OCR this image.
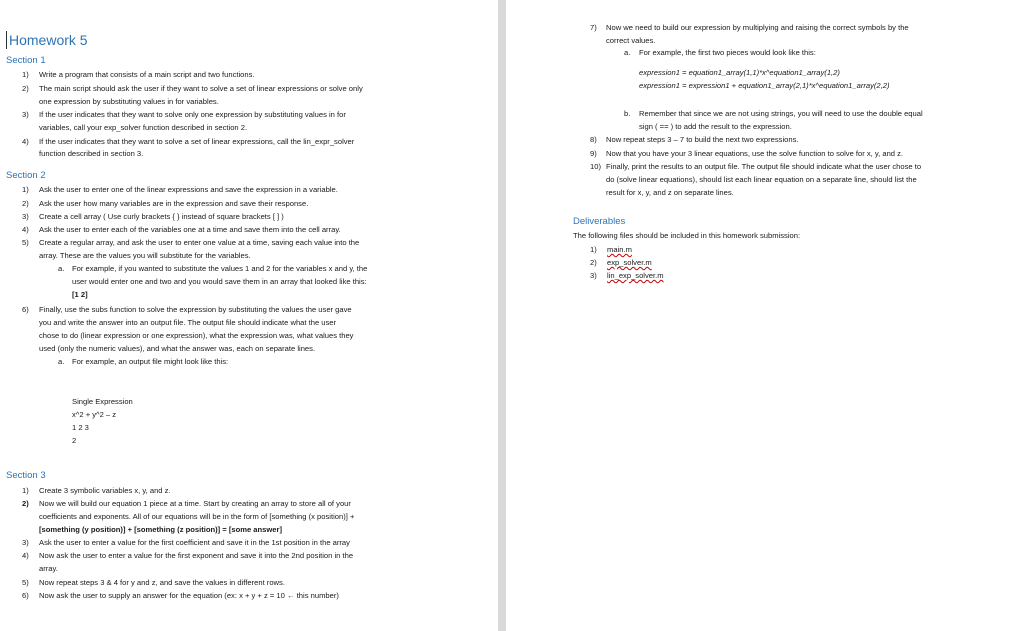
Homework 5
Section 1
1) Write a program that consists of a main script and two functions.
2) The main script should ask the user if they want to solve a set of linear expressions or solve only
one expression by substituting values in for variables.
3) If the user indicates that they want to solve only one expression by substituting values in for
variables, call your exp_solver function described in section 2.
4) If the user indicates that they want to solve a set of linear expressions, call the lin_expr_solver
function described in section 3.
Section 2
1) Ask the user to enter one of the linear expressions and save the expression in a variable.
2) Ask the user how many variables are in the expression and save their response.
3) Create a cell array ( Use curly brackets { } instead of square brackets [ ] )
4) Ask the user to enter each of the variables one at a time and save them into the cell array.
5) Create a regular array, and ask the user to enter one value at a time, saving each value into the
array. These are the values you will substitute for the variables.
a. For example, if you wanted to substitute the values 1 and 2 for the variables x and y, the
user would enter one and two and you would save them in an array that looked like this:
[1 2]
6) Finally, use the subs function to solve the expression by substituting the values the user gave
you and write the answer into an output file. The output file should indicate what the user
chose to do (linear expression or one expression), what the expression was, what values they
used (only the numeric values), and what the answer was, each on separate lines.
a. For example, an output file might look like this:
Single Expression
x^2 + y^2 – z
1 2 3
2
Section 3
1) Create 3 symbolic variables x, y, and z.
2) Now we will build our equation 1 piece at a time. Start by creating an array to store all of your
coefficients and exponents. All of our equations will be in the form of [something (x position)] +
[something (y position)] + [something (z position)] = [some answer]
3) Ask the user to enter a value for the first coefficient and save it in the 1st position in the array
4) Now ask the user to enter a value for the first exponent and save it into the 2nd position in the
array.
5) Now repeat steps 3 & 4 for y and z, and save the values in different rows.
6) Now ask the user to supply an answer for the equation (ex: x + y + z = 10 ← this number)
7) Now we need to build our expression by multiplying and raising the correct symbols by the
correct values.
a. For example, the first two pieces would look like this:
expression1 = equation1_array(1,1)*x^equation1_array(1,2)
expression1 = expression1 + equation1_array(2,1)*x^equation1_array(2,2)
b. Remember that since we are not using strings, you will need to use the double equal
sign ( == ) to add the result to the expression.
8) Now repeat steps 3 – 7 to build the next two expressions.
9) Now that you have your 3 linear equations, use the solve function to solve for x, y, and z.
10) Finally, print the results to an output file. The output file should indicate what the user chose to
do (solve linear equations), should list each linear equation on a separate line, should list the
result for x, y, and z on separate lines.
Deliverables
The following files should be included in this homework submission:
1) main.m
2) exp_solver.m
3) lin_exp_solver.m
